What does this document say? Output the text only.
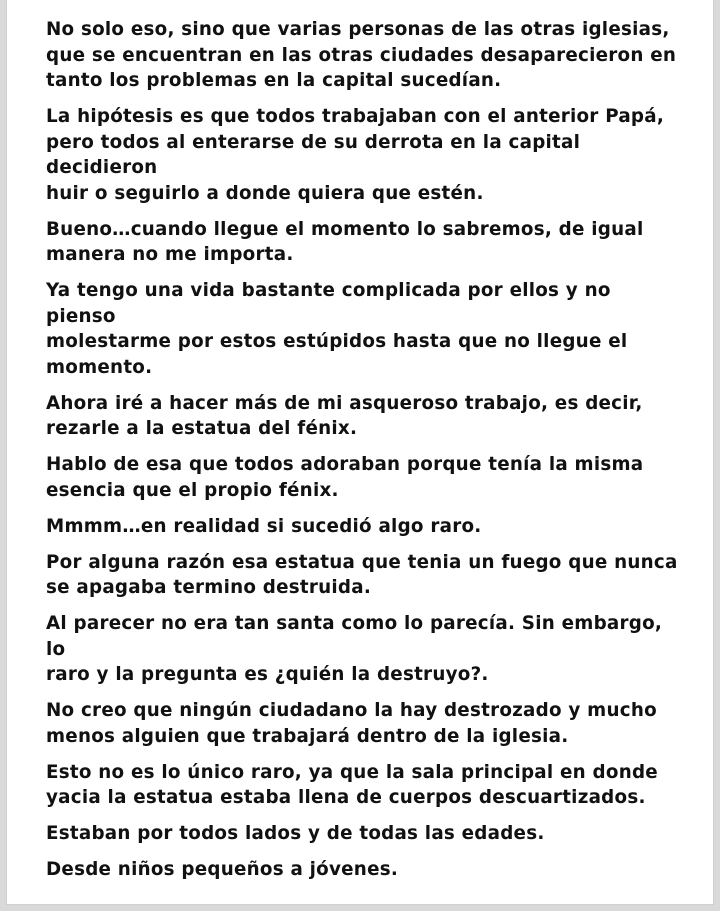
No solo eso, sino que varias personas de las otras iglesias,
que se encuentran en las otras ciudades desaparecieron en
tanto los problemas en la capital sucedían.

La hipótesis es que todos trabajaban con el anterior Papá,
pero todos al enterarse de su derrota en la capital decidieron
huir o seguirlo a donde quiera que estén.

Bueno…cuando llegue el momento lo sabremos, de igual
manera no me importa.

Ya tengo una vida bastante complicada por ellos y no pienso
molestarme por estos estúpidos hasta que no llegue el
momento.

Ahora iré a hacer más de mi asqueroso trabajo, es decir,
rezarle a la estatua del fénix.

Hablo de esa que todos adoraban porque tenía la misma
esencia que el propio fénix.

Mmmm…en realidad si sucedió algo raro.

Por alguna razón esa estatua que tenia un fuego que nunca
se apagaba termino destruida.

Al parecer no era tan santa como lo parecía. Sin embargo, lo
raro y la pregunta es ¿quién la destruyo?.

No creo que ningún ciudadano la hay destrozado y mucho
menos alguien que trabajará dentro de la iglesia.

Esto no es lo único raro, ya que la sala principal en donde
yacia la estatua estaba llena de cuerpos descuartizados.

Estaban por todos lados y de todas las edades.

Desde niños pequeños a jóvenes.
